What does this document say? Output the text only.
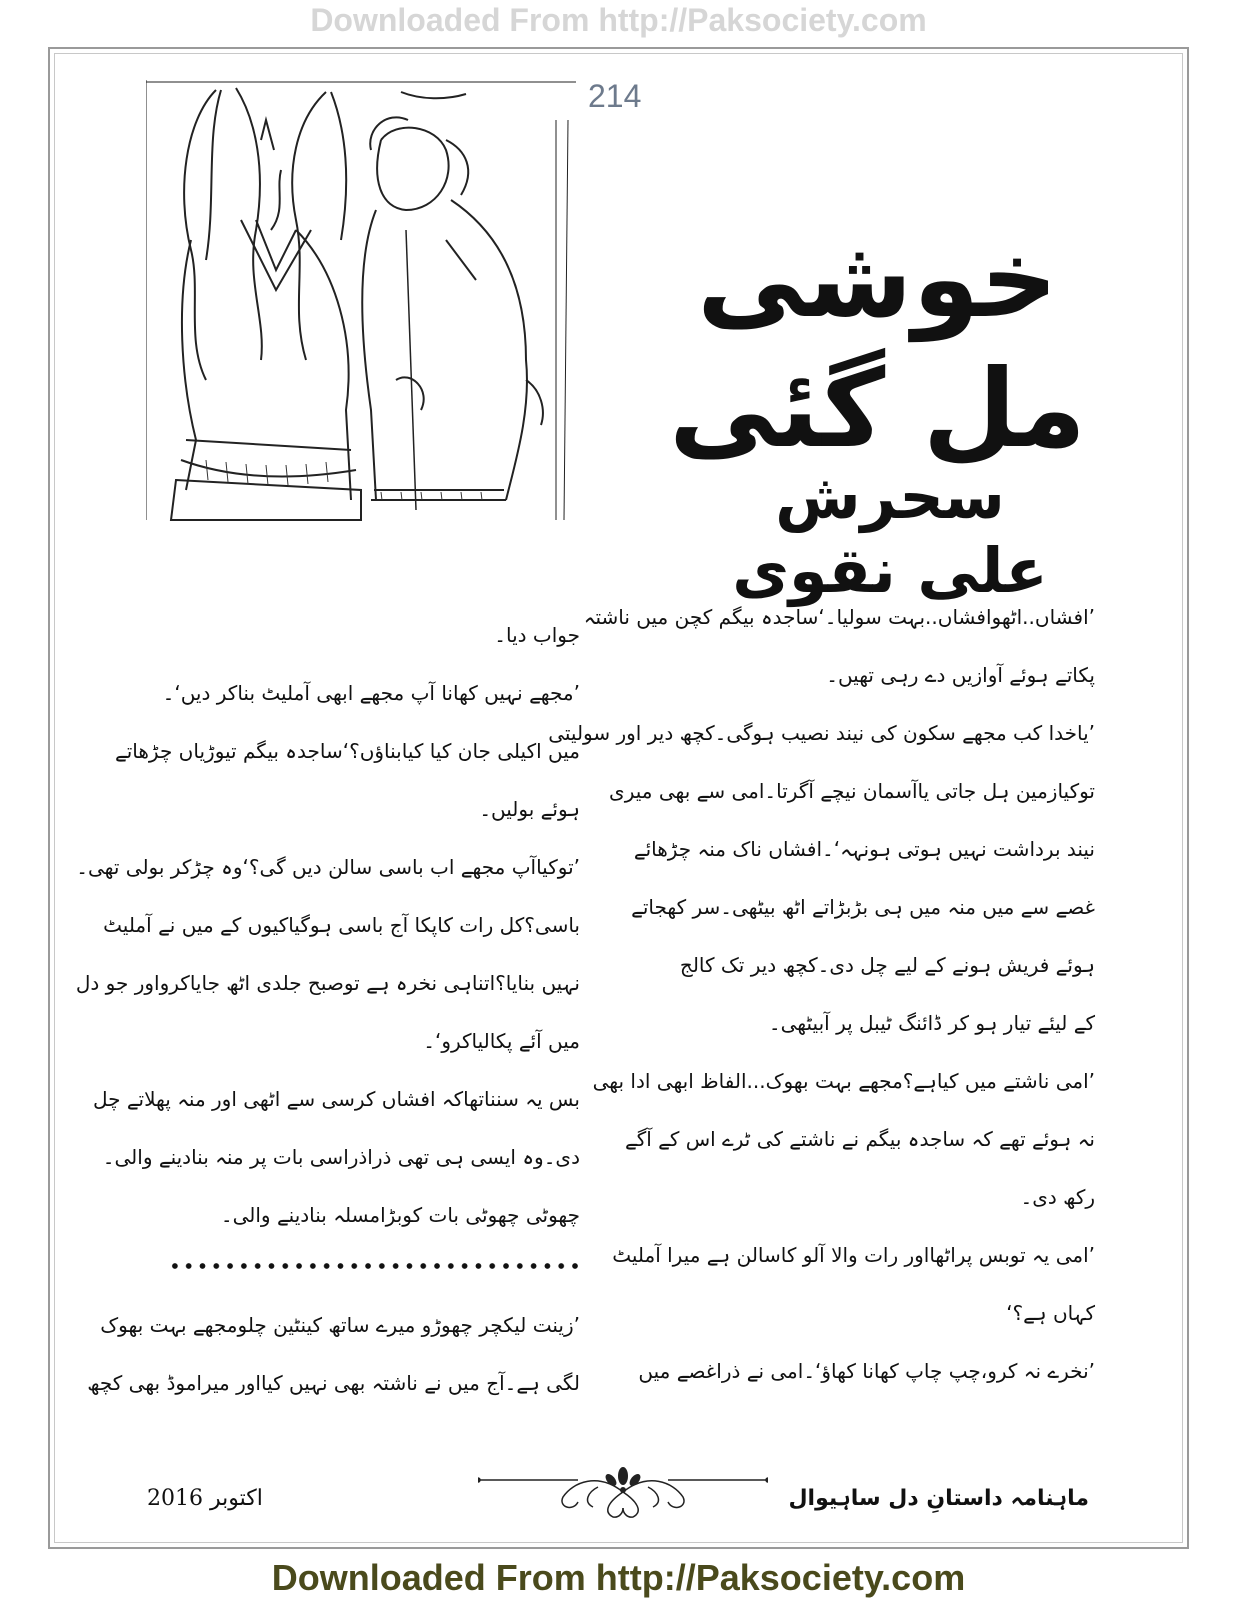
Downloaded From http://Paksociety.com
214
خوشی مل گئی
سحرش علی نقوی
’افشاں..اٹھوافشاں..بہت سولیا۔‘ساجدہ بیگم کچن میں ناشتہ
پکاتے ہوئے آوازیں دے رہی تھیں۔
’یاخدا کب مجھے سکون کی نیند نصیب ہوگی۔کچھ دیر اور سولیتی
توکیازمین ہل جاتی یاآسمان نیچے آگرتا۔امی سے بھی میری
نیند برداشت نہیں ہوتی ہونہہ‘۔افشاں ناک منہ چڑھائے
غصے سے میں منہ میں ہی بڑبڑاتے اٹھ بیٹھی۔سر کھجاتے
ہوئے فریش ہونے کے لیے چل دی۔کچھ دیر تک کالج
کے لیئے تیار ہو کر ڈائنگ ٹیبل پر آبیٹھی۔
’امی ناشتے میں کیاہے؟مجھے بہت بھوک...الفاظ ابھی ادا بھی
نہ ہوئے تھے کہ ساجدہ بیگم نے ناشتے کی ٹرے اس کے آگے
رکھ دی۔
’امی یہ توبس پراٹھااور رات والا آلو کاسالن ہے میرا آملیٹ
کہاں ہے؟‘
’نخرے نہ کرو،چپ چاپ کھانا کھاؤ‘۔امی نے ذراغصے میں
جواب دیا۔
’مجھے نہیں کھانا آپ مجھے ابھی آملیٹ بناکر دیں‘۔
میں اکیلی جان کیا کیابناؤں؟‘ساجدہ بیگم تیوڑیاں چڑھاتے
ہوئے بولیں۔
’توکیاآپ مجھے اب باسی سالن دیں گی؟‘وہ چڑکر بولی تھی۔
باسی؟کل رات کاپکا آج باسی ہوگیاکیوں کے میں نے آملیٹ
نہیں بنایا؟اتناہی نخرہ ہے توصبح جلدی اٹھ جایاکرواور جو دل
میں آئے پکالیاکرو‘۔
بس یہ سنناتھاکہ افشاں کرسی سے اٹھی اور منہ پھلاتے چل
دی۔وہ ایسی ہی تھی ذراذراسی بات پر منہ بنادینے والی۔
چھوٹی چھوٹی بات کوبڑامسلہ بنادینے والی۔
’زینت لیکچر چھوڑو میرے ساتھ کینٹین چلومجھے بہت بھوک
لگی ہے۔آج میں نے ناشتہ بھی نہیں کیااور میراموڈ بھی کچھ
اکتوبر 2016	ماہنامہ داستانِ دل ساہیوال
Downloaded From http://Paksociety.com
